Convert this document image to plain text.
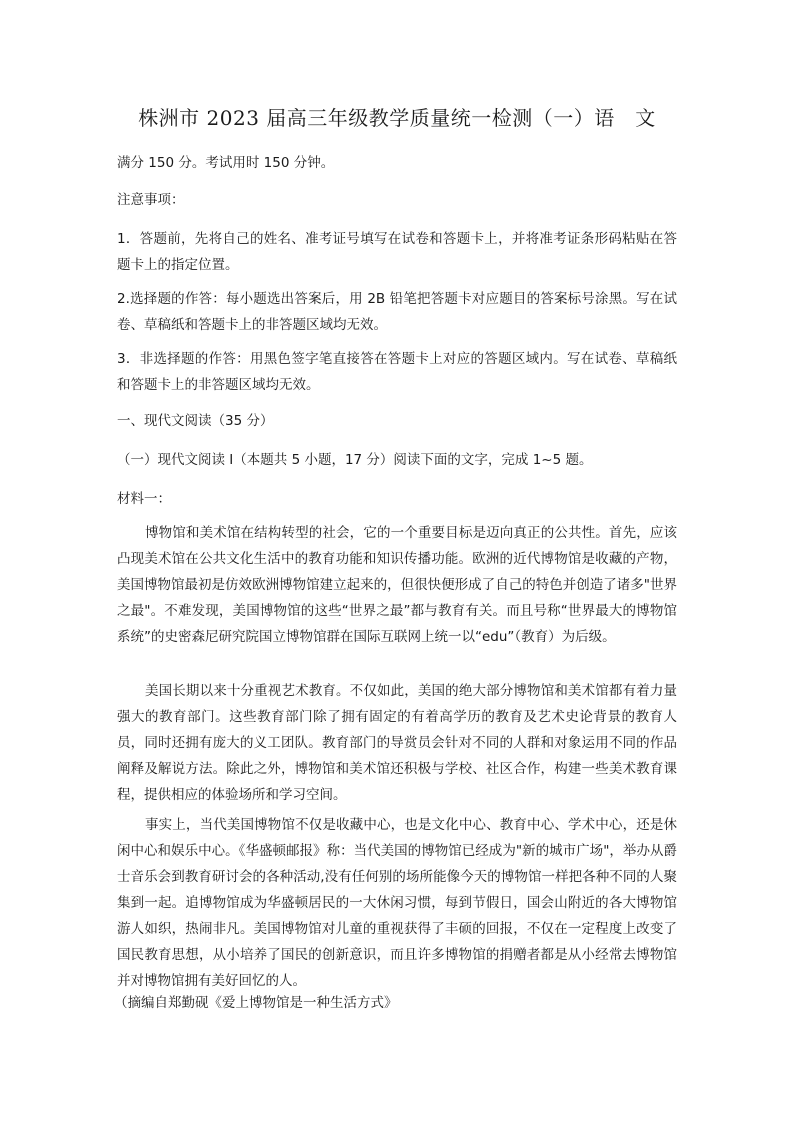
株洲市 2023 届高三年级教学质量统一检测（一）语　文
满分 150 分。考试用时 150 分钟。
注意事项：
1．答题前，先将自己的姓名、准考证号填写在试卷和答题卡上，并将准考证条形码粘贴在答题卡上的指定位置。
2.选择题的作答：每小题选出答案后，用 2B 铅笔把答题卡对应题目的答案标号涂黑。写在试卷、草稿纸和答题卡上的非答题区域均无效。
3．非选择题的作答：用黑色签字笔直接答在答题卡上对应的答题区域内。写在试卷、草稿纸和答题卡上的非答题区域均无效。
一、现代文阅读（35 分）
（一）现代文阅读 I（本题共 5 小题，17 分）阅读下面的文字，完成 1~5 题。
材料一：
博物馆和美术馆在结构转型的社会，它的一个重要目标是迈向真正的公共性。首先，应该凸现美术馆在公共文化生活中的教育功能和知识传播功能。欧洲的近代博物馆是收藏的产物，美国博物馆最初是仿效欧洲博物馆建立起来的，但很快便形成了自己的特色并创造了诸多"世界之最"。不难发现，美国博物馆的这些“世界之最”都与教育有关。而且号称“世界最大的博物馆系统”的史密森尼研究院国立博物馆群在国际互联网上统一以“edu”（教育）为后级。
美国长期以来十分重视艺术教育。不仅如此，美国的绝大部分博物馆和美术馆都有着力量强大的教育部门。这些教育部门除了拥有固定的有着高学历的教育及艺术史论背景的教育人员，同时还拥有庞大的义工团队。教育部门的导赏员会针对不同的人群和对象运用不同的作品阐释及解说方法。除此之外，博物馆和美术馆还积极与学校、社区合作，构建一些美术教育课程，提供相应的体验场所和学习空间。
事实上，当代美国博物馆不仅是收藏中心，也是文化中心、教育中心、学术中心，还是休闲中心和娱乐中心。《华盛顿邮报》称：当代美国的博物馆已经成为"新的城市广场"，举办从爵士音乐会到教育研讨会的各种活动,没有任何别的场所能像今天的博物馆一样把各种不同的人聚集到一起。追博物馆成为华盛顿居民的一大休闲习惯，每到节假日，国会山附近的各大博物馆游人如织，热闹非凡。美国博物馆对儿童的重视获得了丰硕的回报，不仅在一定程度上改变了国民教育思想，从小培养了国民的创新意识，而且许多博物馆的捐赠者都是从小经常去博物馆并对博物馆拥有美好回忆的人。
（摘编自郑勤砚《爱上博物馆是一种生活方式》
